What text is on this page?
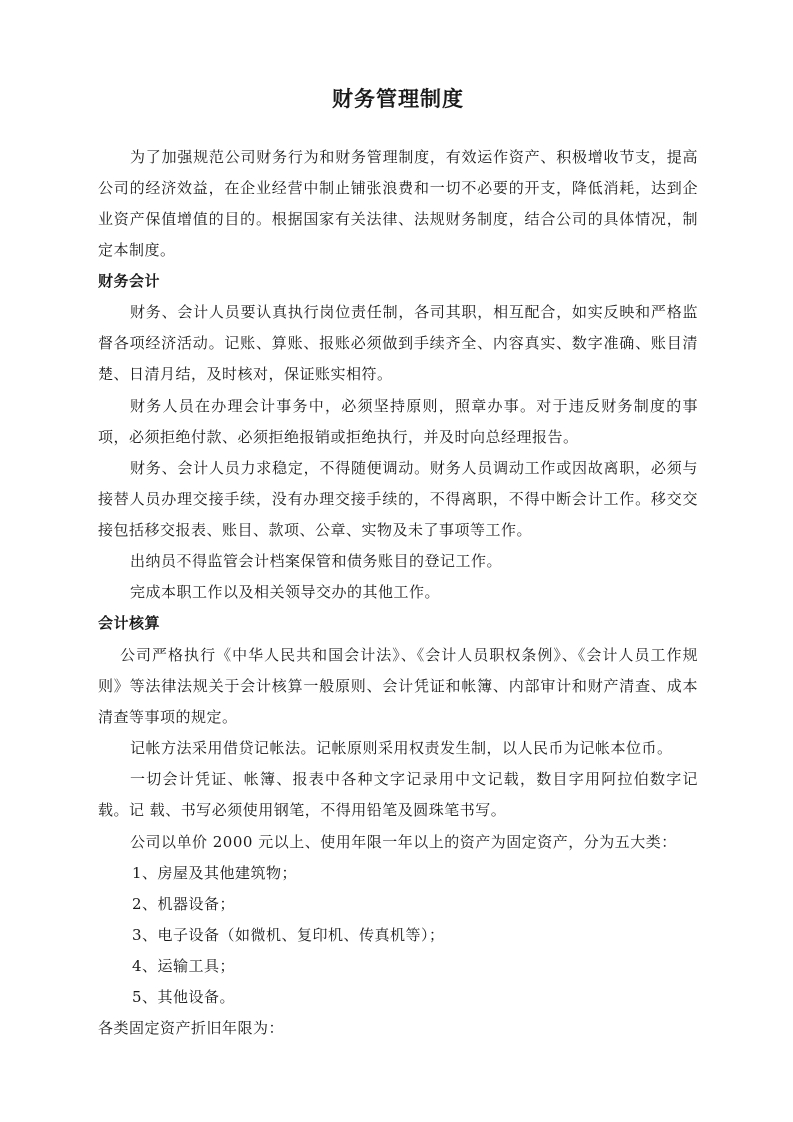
财务管理制度

为了加强规范公司财务行为和财务管理制度，有效运作资产、积极增收节支，提高公司的经济效益，在企业经营中制止铺张浪费和一切不必要的开支，降低消耗，达到企业资产保值增值的目的。根据国家有关法律、法规财务制度，结合公司的具体情况，制定本制度。

财务会计

财务、会计人员要认真执行岗位责任制，各司其职，相互配合，如实反映和严格监督各项经济活动。记账、算账、报账必须做到手续齐全、内容真实、数字准确、账目清楚、日清月结，及时核对，保证账实相符。

财务人员在办理会计事务中，必须坚持原则，照章办事。对于违反财务制度的事项，必须拒绝付款、必须拒绝报销或拒绝执行，并及时向总经理报告。

财务、会计人员力求稳定，不得随便调动。财务人员调动工作或因故离职，必须与接替人员办理交接手续，没有办理交接手续的，不得离职，不得中断会计工作。移交交接包括移交报表、账目、款项、公章、实物及未了事项等工作。

出纳员不得监管会计档案保管和债务账目的登记工作。

完成本职工作以及相关领导交办的其他工作。

会计核算

公司严格执行《中华人民共和国会计法》、《会计人员职权条例》、《会计人员工作规则》等法律法规关于会计核算一般原则、会计凭证和帐簿、内部审计和财产清查、成本清查等事项的规定。

记帐方法采用借贷记帐法。记帐原则采用权责发生制，以人民币为记帐本位币。

一切会计凭证、帐簿、报表中各种文字记录用中文记载，数目字用阿拉伯数字记载。记 载、书写必须使用钢笔，不得用铅笔及圆珠笔书写。

公司以单价 2000 元以上、使用年限一年以上的资产为固定资产，分为五大类：

1、房屋及其他建筑物；

2、机器设备；

3、电子设备（如微机、复印机、传真机等）；

4、运输工具；

5、其他设备。

各类固定资产折旧年限为：
